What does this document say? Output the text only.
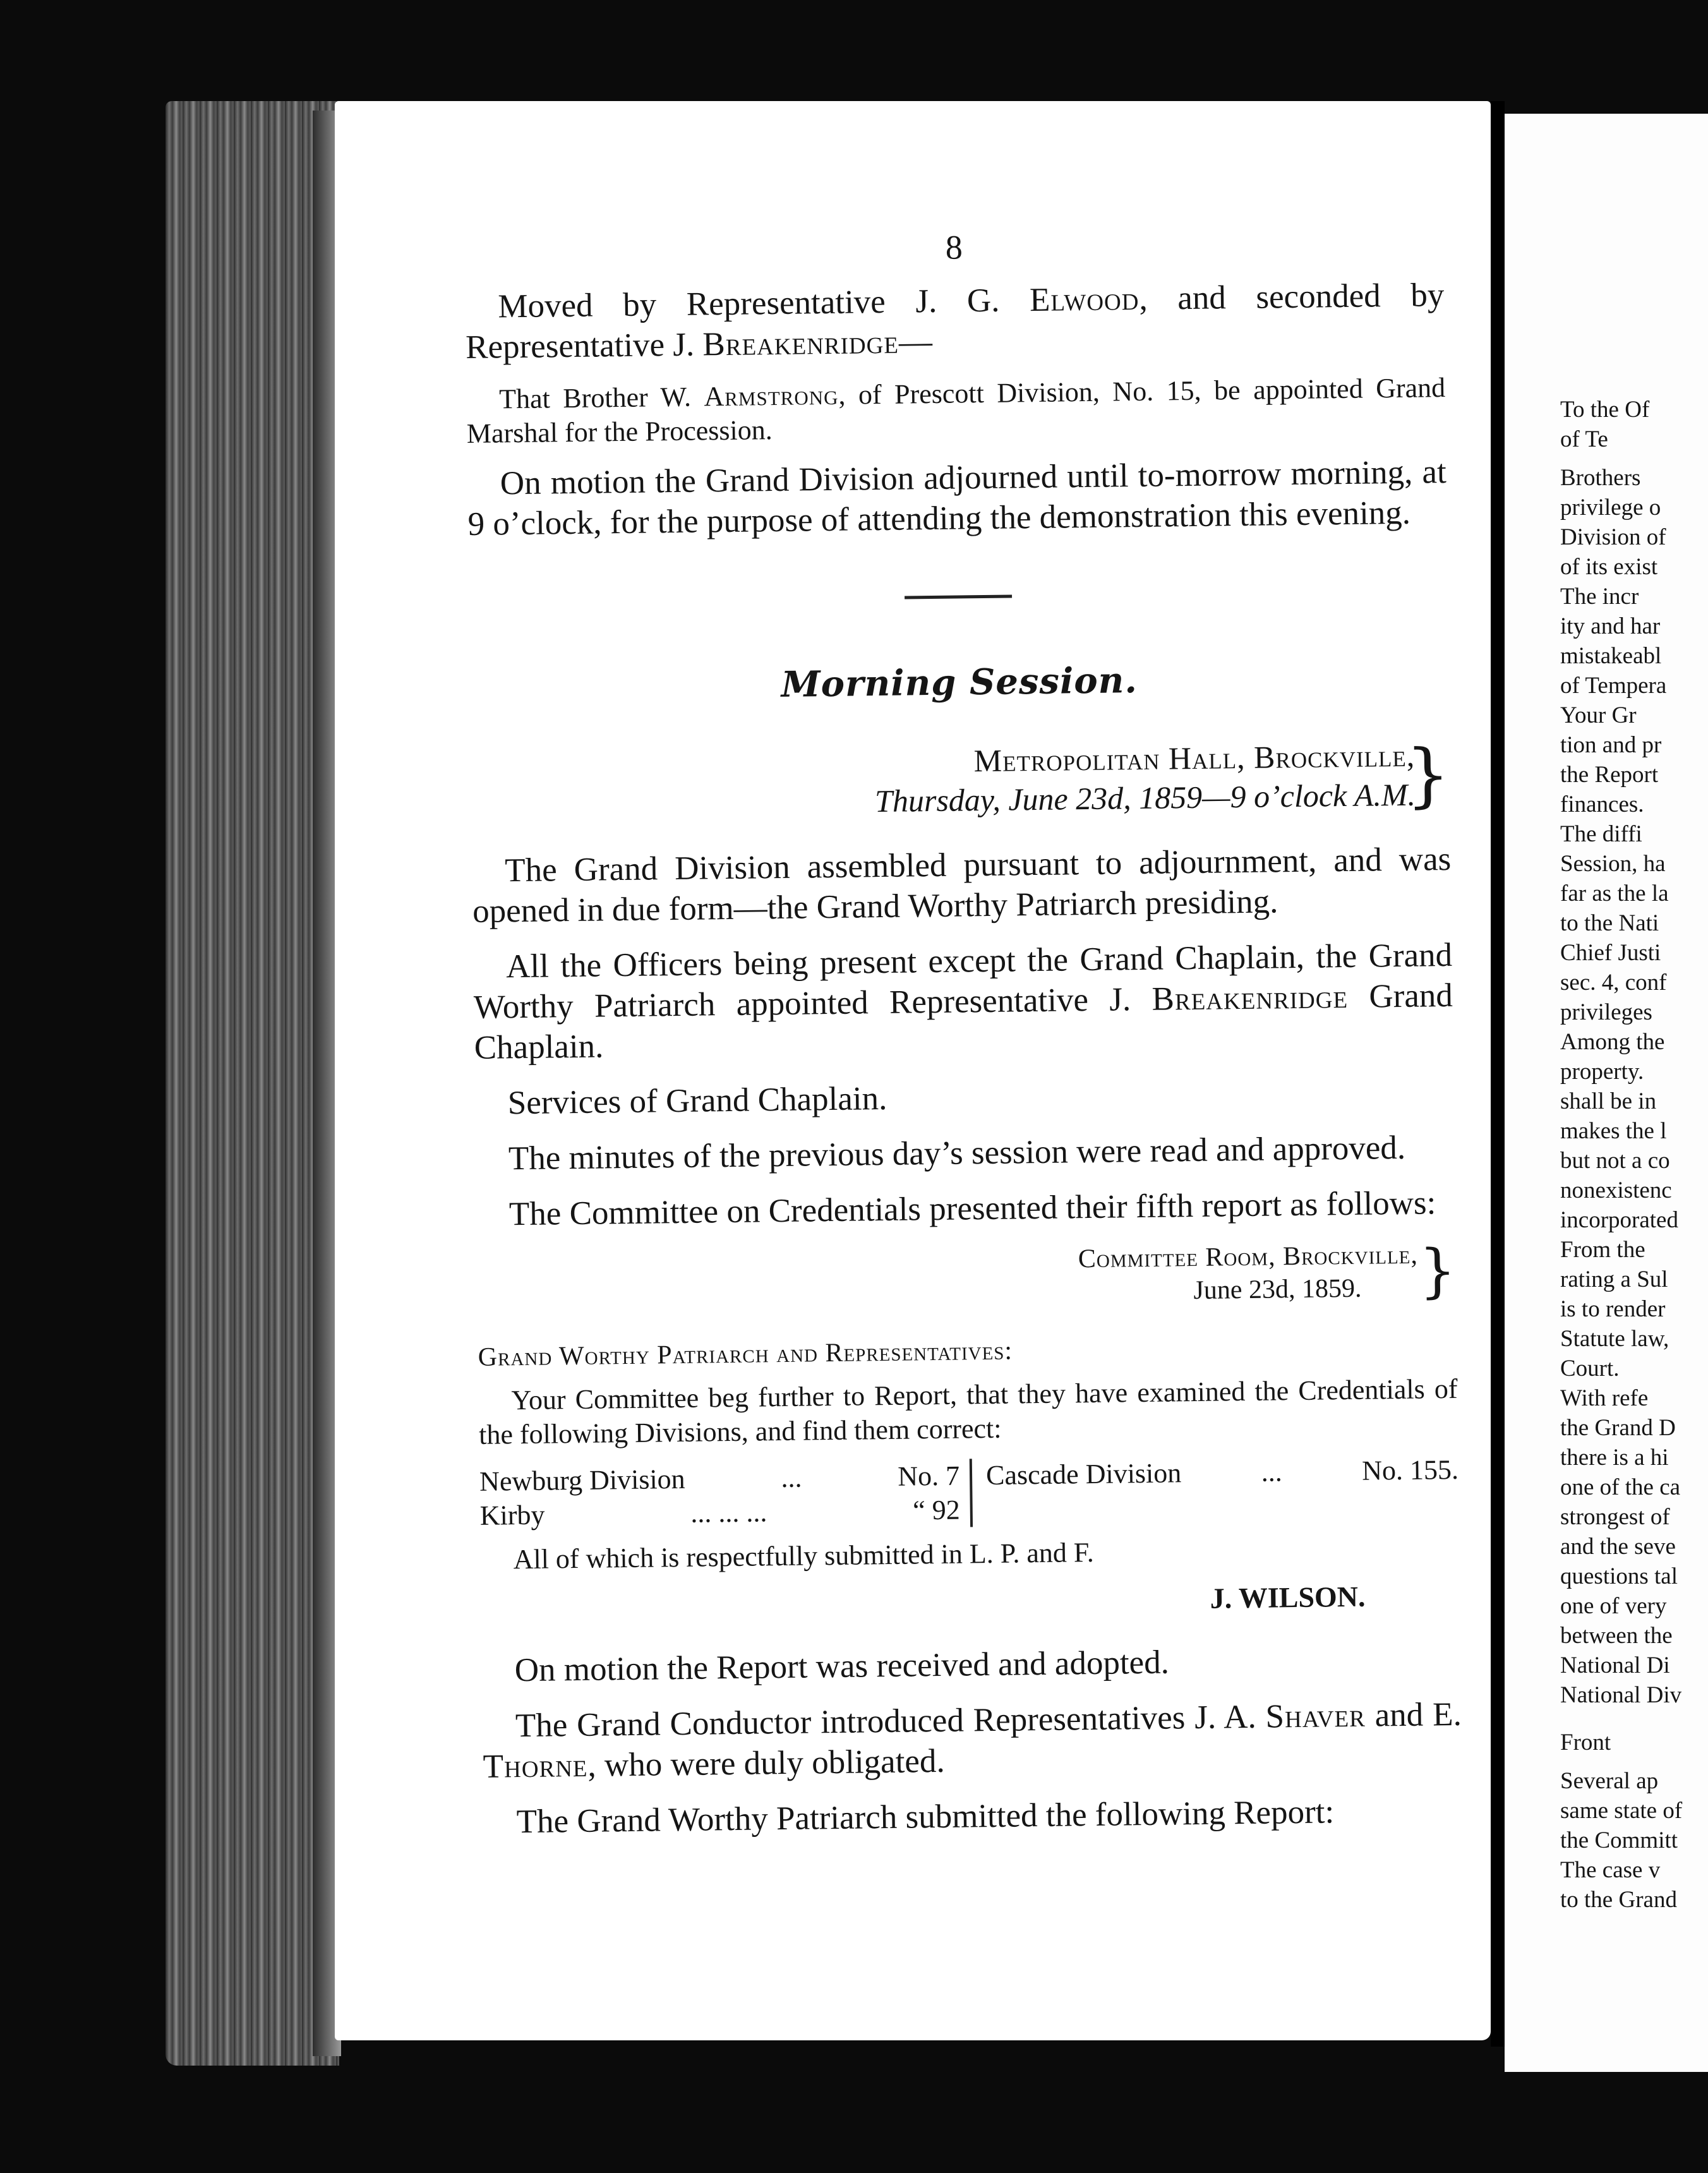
To the Of
of Te
Brothers
privilege o
Division of
of its exist
The incr
ity and har
mistakeabl
of Tempera
Your Gr
tion and pr
the Report
finances.
The diffi
Session, ha
far as the la
to the Nati
Chief Justi
sec. 4, conf
privileges
Among the
property.
shall be in
makes the l
but not a co
nonexistenc
incorporated
From the
rating a Sul
is to render
Statute law,
Court.
With refe
the Grand D
there is a hi
one of the ca
strongest of
and the seve
questions tal
one of very
between the
National Di
National Div
Front
Several ap
same state of
the Committ
The case v
to the Grand
8

Moved by Representative J. G. Elwood, and seconded by Representative J. Breakenridge—

That Brother W. Armstrong, of Prescott Division, No. 15, be appointed Grand Marshal for the Procession.

On motion the Grand Division adjourned until to-morrow morning, at 9 o’clock, for the purpose of attending the demonstration this evening.

Morning Session.
Metropolitan Hall, Brockville,
Thursday, June 23d, 1859—9 o’clock A.M.
}

The Grand Division assembled pursuant to adjournment, and was opened in due form—the Grand Worthy Patriarch presiding.

All the Officers being present except the Grand Chaplain, the Grand Worthy Patriarch appointed Representative J. Breakenridge Grand Chaplain.

Services of Grand Chaplain.

The minutes of the previous day’s session were read and approved.

The Committee on Credentials presented their fifth report as follows:

Committee Room, Brockville,
June 23d, 1859. }
Grand Worthy Patriarch and Representatives:

Your Committee beg further to Report, that they have examined the Credentials of the following Divisions, and find them correct:

Newburg Division	...	No. 7
Kirby	... ... ...	“ 92
Cascade Division	...	No. 155.

All of which is respectfully submitted in L. P. and F.

J. WILSON.

On motion the Report was received and adopted.

The Grand Conductor introduced Representatives J. A. Shaver and E. Thorne, who were duly obligated.

The Grand Worthy Patriarch submitted the following Report:
